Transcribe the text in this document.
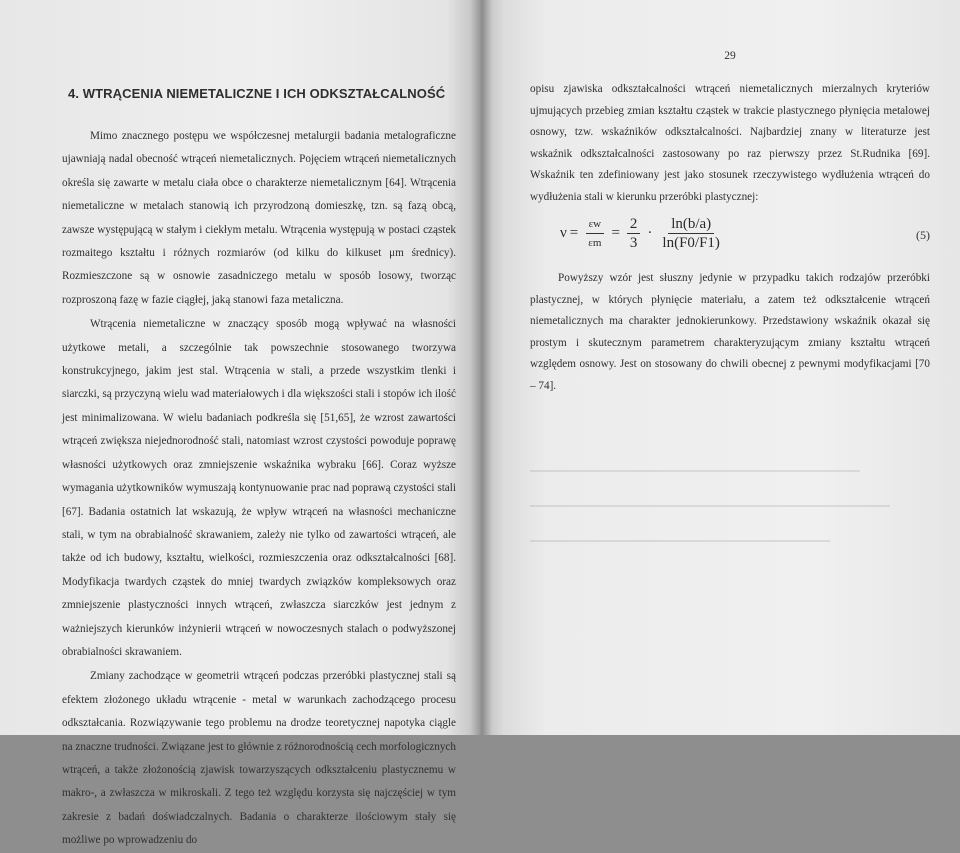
4. WTRĄCENIA NIEMETALICZNE I ICH ODKSZTAŁCALNOŚĆ

Mimo znacznego postępu we współczesnej metalurgii badania metalograficzne ujawniają nadal obecność wtrąceń niemetalicznych. Pojęciem wtrąceń niemetalicznych określa się zawarte w metalu ciała obce o charakterze niemetalicznym [64]. Wtrącenia niemetaliczne w metalach stanowią ich przyrodzoną domieszkę, tzn. są fazą obcą, zawsze występującą w stałym i ciekłym metalu. Wtrącenia występują w postaci cząstek rozmaitego kształtu i różnych rozmiarów (od kilku do kilkuset μm średnicy). Rozmieszczone są w osnowie zasadniczego metalu w sposób losowy, tworząc rozproszoną fazę w fazie ciągłej, jaką stanowi faza metaliczna.

Wtrącenia niemetaliczne w znaczący sposób mogą wpływać na własności użytkowe metali, a szczególnie tak powszechnie stosowanego tworzywa konstrukcyjnego, jakim jest stal. Wtrącenia w stali, a przede wszystkim tlenki i siarczki, są przyczyną wielu wad materiałowych i dla większości stali i stopów ich ilość jest minimalizowana. W wielu badaniach podkreśla się [51,65], że wzrost zawartości wtrąceń zwiększa niejednorodność stali, natomiast wzrost czystości powoduje poprawę własności użytkowych oraz zmniejszenie wskaźnika wybraku [66]. Coraz wyższe wymagania użytkowników wymuszają kontynuowanie prac nad poprawą czystości stali [67]. Badania ostatnich lat wskazują, że wpływ wtrąceń na własności mechaniczne stali, w tym na obrabialność skrawaniem, zależy nie tylko od zawartości wtrąceń, ale także od ich budowy, kształtu, wielkości, rozmieszczenia oraz odkształcalności [68]. Modyfikacja twardych cząstek do mniej twardych związków kompleksowych oraz zmniejszenie plastyczności innych wtrąceń, zwłaszcza siarczków jest jednym z ważniejszych kierunków inżynierii wtrąceń w nowoczesnych stalach o podwyższonej obrabialności skrawaniem.

Zmiany zachodzące w geometrii wtrąceń podczas przeróbki plastycznej stali są efektem złożonego układu wtrącenie - metal w warunkach zachodzącego procesu odkształcania. Rozwiązywanie tego problemu na drodze teoretycznej napotyka ciągle na znaczne trudności. Związane jest to głównie z różnorodnością cech morfologicznych wtrąceń, a także złożonością zjawisk towarzyszących odkształceniu plastycznemu w makro-, a zwłaszcza w mikroskali. Z tego też względu korzysta się najczęściej w tym zakresie z badań doświadczalnych. Badania o charakterze ilościowym stały się możliwe po wprowadzeniu do

29

opisu zjawiska odkształcalności wtrąceń niemetalicznych mierzalnych kryteriów ujmujących przebieg zmian kształtu cząstek w trakcie plastycznego płynięcia metalowej osnowy, tzw. wskaźników odkształcalności. Najbardziej znany w literaturze jest wskaźnik odkształcalności zastosowany po raz pierwszy przez St.Rudnika [69]. Wskaźnik ten zdefiniowany jest jako stosunek rzeczywistego wydłużenia wtrąceń do wydłużenia stali w kierunku przeróbki plastycznej:

$\nu = \frac{\varepsilon w}{\varepsilon m} = \frac{2}{3} \cdot \frac{\ln(b/a)}{\ln(F0/F1)}$	(5)

Powyższy wzór jest słuszny jedynie w przypadku takich rodzajów przeróbki plastycznej, w których płynięcie materiału, a zatem też odkształcenie wtrąceń niemetalicznych ma charakter jednokierunkowy. Przedstawiony wskaźnik okazał się prostym i skutecznym parametrem charakteryzującym zmiany kształtu wtrąceń względem osnowy. Jest on stosowany do chwili obecnej z pewnymi modyfikacjami [70 – 74].
